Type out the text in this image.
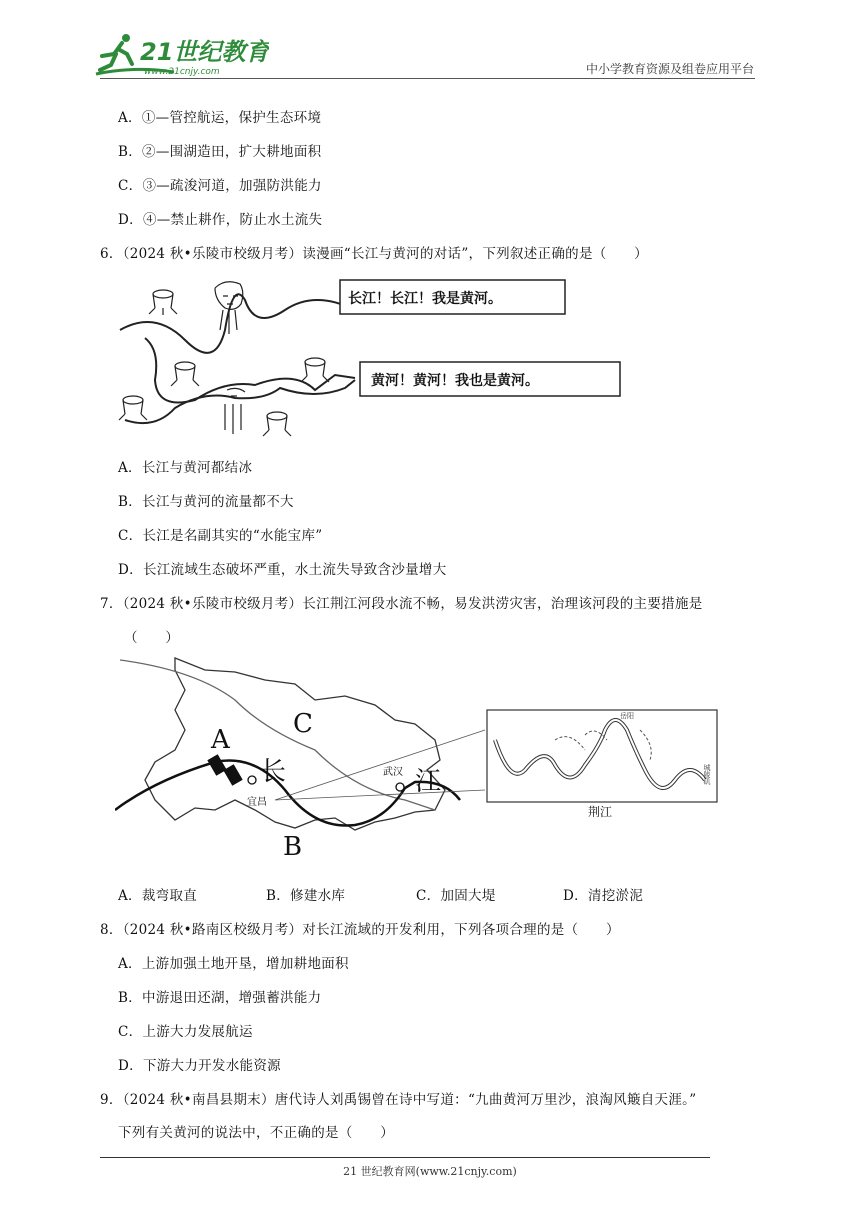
21世纪教育
www.21cnjy.com	中小学教育资源及组卷应用平台
A．①—管控航运，保护生态环境
B．②—围湖造田，扩大耕地面积
C．③—疏浚河道，加强防洪能力
D．④—禁止耕作，防止水土流失
6．（2024 秋•乐陵市校级月考）读漫画“长江与黄河的对话”，下列叙述正确的是（　　）
长江！长江！我是黄河。
黄河！黄河！我也是黄河。
A．长江与黄河都结冰
B．长江与黄河的流量都不大
C．长江是名副其实的“水能宝库”
D．长江流域生态破坏严重，水土流失导致含沙量增大
7．（2024 秋•乐陵市校级月考）长江荆江河段水流不畅，易发洪涝灾害，治理该河段的主要措施是
（　　）
A
B
C
长	江
宜昌
武汉
岳阳
城陵矶
荆江
A．裁弯取直	B．修建水库	C．加固大堤	D．清挖淤泥
8．（2024 秋•路南区校级月考）对长江流域的开发利用，下列各项合理的是（　　）
A．上游加强土地开垦，增加耕地面积
B．中游退田还湖，增强蓄洪能力
C．上游大力发展航运
D．下游大力开发水能资源
9．（2024 秋•南昌县期末）唐代诗人刘禹锡曾在诗中写道：“九曲黄河万里沙，浪淘风簸自天涯。”
下列有关黄河的说法中，不正确的是（　　）
21 世纪教育网(www.21cnjy.com)
